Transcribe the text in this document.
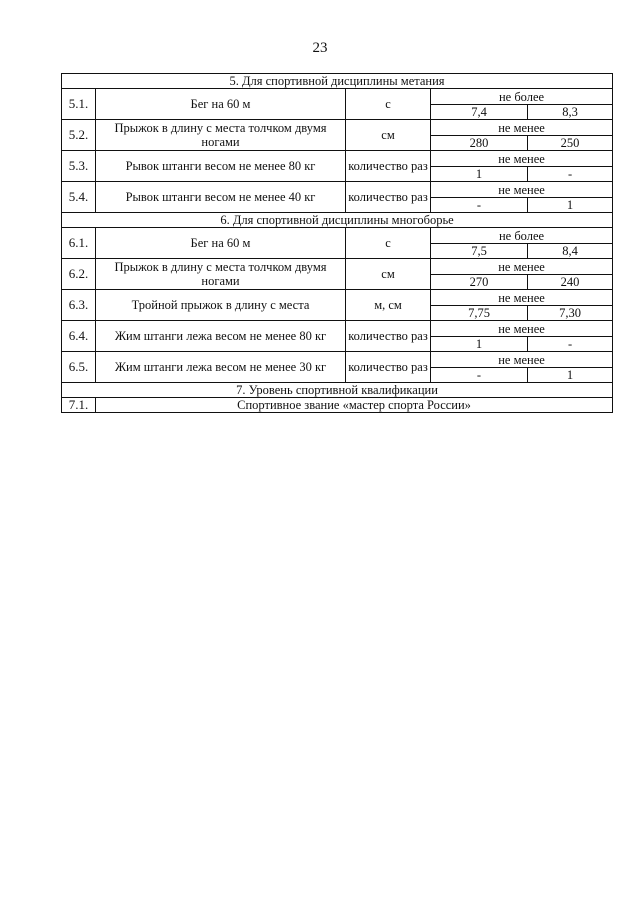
23
5. Для спортивной дисциплины метания				
5.1.	Бег на 60 м	с	не более	
			7,4	8,3
5.2.	Прыжок в длину с места толчком двумя ногами	см	не менее	
			280	250
5.3.	Рывок штанги весом не менее 80 кг	количество раз	не менее	
			1	-
5.4.	Рывок штанги весом не менее 40 кг	количество раз	не менее	
			-	1
6. Для спортивной дисциплины многоборье				
6.1.	Бег на 60 м	с	не более	
			7,5	8,4
6.2.	Прыжок в длину с места толчком двумя ногами	см	не менее	
			270	240
6.3.	Тройной прыжок в длину с места	м, см	не менее	
			7,75	7,30
6.4.	Жим штанги лежа весом не менее 80 кг	количество раз	не менее	
			1	-
6.5.	Жим штанги лежа весом не менее 30 кг	количество раз	не менее	
			-	1
7. Уровень спортивной квалификации				
7.1.	Спортивное звание «мастер спорта России»			
